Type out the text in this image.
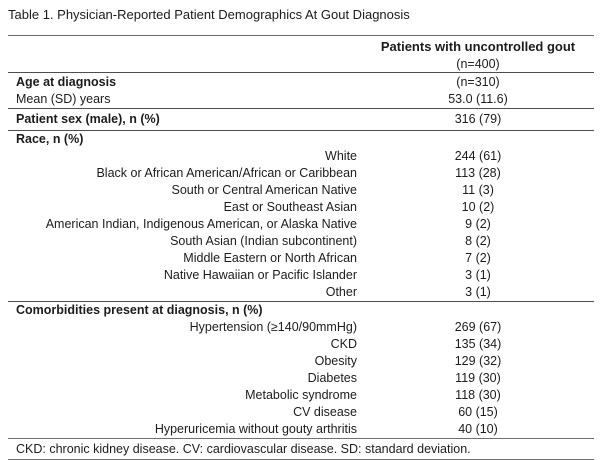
Table 1. Physician-Reported Patient Demographics At Gout Diagnosis
Patients with uncontrolled gout
(n=400)
Age at diagnosis	(n=310)
Mean (SD) years	53.0 (11.6)
Patient sex (male), n (%)	316 (79)
Race, n (%)
White	244 (61)
Black or African American/African or Caribbean	113 (28)
South or Central American Native	11 (3)
East or Southeast Asian	10 (2)
American Indian, Indigenous American, or Alaska Native	9 (2)
South Asian (Indian subcontinent)	8 (2)
Middle Eastern or North African	7 (2)
Native Hawaiian or Pacific Islander	3 (1)
Other	3 (1)
Comorbidities present at diagnosis, n (%)
Hypertension (≥140/90mmHg)	269 (67)
CKD	135 (34)
Obesity	129 (32)
Diabetes	119 (30)
Metabolic syndrome	118 (30)
CV disease	60 (15)
Hyperuricemia without gouty arthritis	40 (10)
CKD: chronic kidney disease. CV: cardiovascular disease. SD: standard deviation.
